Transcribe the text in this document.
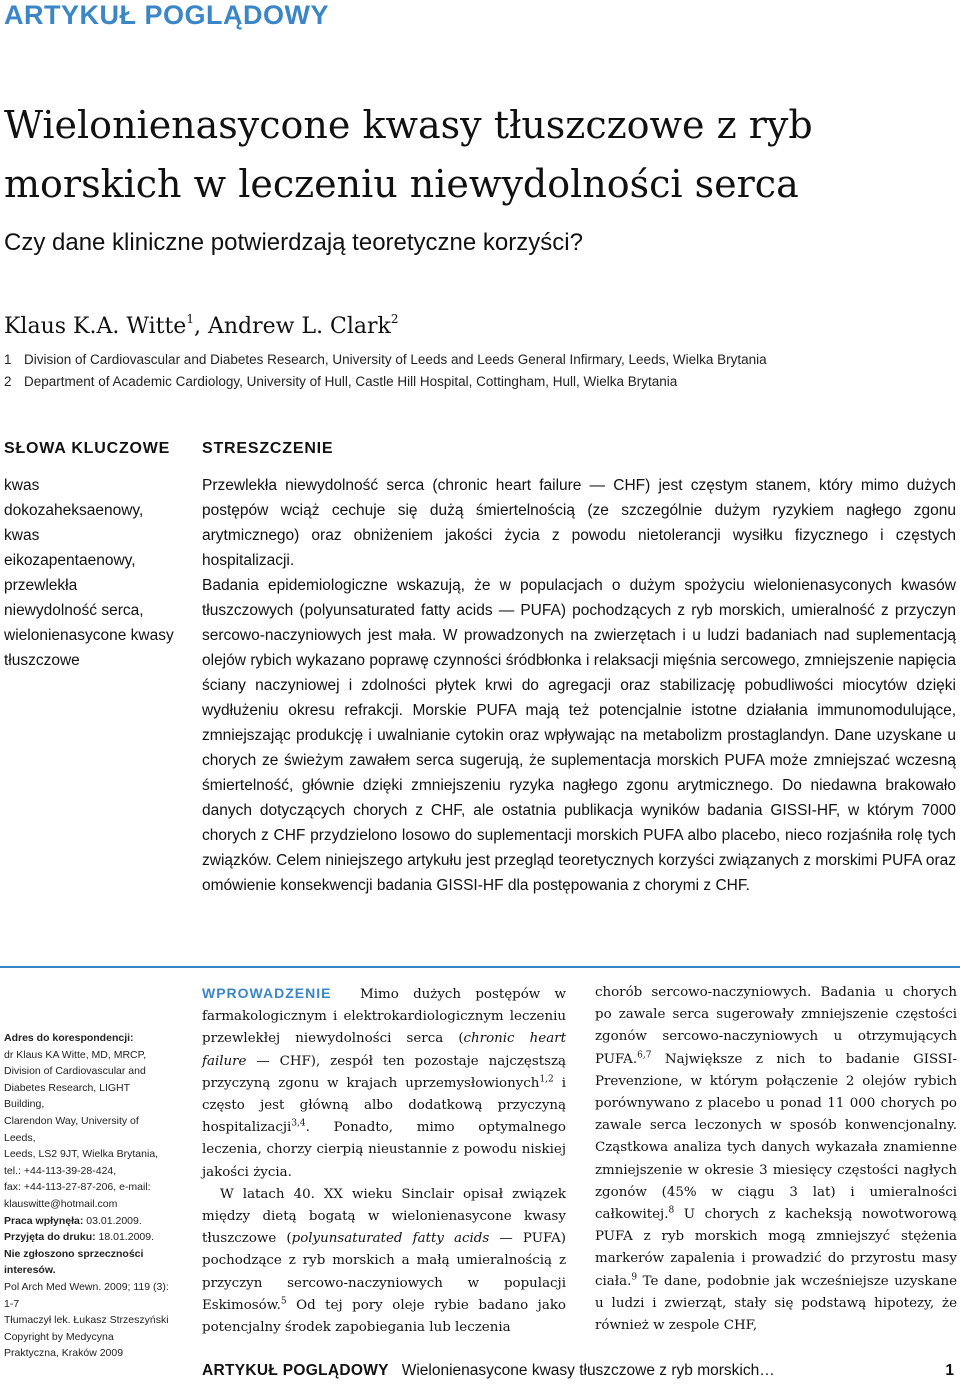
ARTYKUŁ POGLĄDOWY
Wielonienasycone kwasy tłuszczowe z ryb morskich w leczeniu niewydolności serca
Czy dane kliniczne potwierdzają teoretyczne korzyści?
Klaus K.A. Witte$^1$, Andrew L. Clark$^2$
1 Division of Cardiovascular and Diabetes Research, University of Leeds and Leeds General Infirmary, Leeds, Wielka Brytania
2 Department of Academic Cardiology, University of Hull, Castle Hill Hospital, Cottingham, Hull, Wielka Brytania
SŁOWA KLUCZOWE
kwas dokozaheksaenowy, kwas eikozapentaenowy, przewlekła niewydolność serca, wielonienasycone kwasy tłuszczowe
STRESZCZENIE

Przewlekła niewydolność serca (chronic heart failure — CHF) jest częstym stanem, który mimo dużych postępów wciąż cechuje się dużą śmiertelnością (ze szczególnie dużym ryzykiem nagłego zgonu arytmicznego) oraz obniżeniem jakości życia z powodu nietolerancji wysiłku fizycznego i częstych hospitalizacji.

Badania epidemiologiczne wskazują, że w populacjach o dużym spożyciu wielonienasyconych kwasów tłuszczowych (polyunsaturated fatty acids — PUFA) pochodzących z ryb morskich, umieralność z przyczyn sercowo-naczyniowych jest mała. W prowadzonych na zwierzętach i u ludzi badaniach nad suplementacją olejów rybich wykazano poprawę czynności śródbłonka i relaksacji mięśnia sercowego, zmniejszenie napięcia ściany naczyniowej i zdolności płytek krwi do agregacji oraz stabilizację pobudliwości miocytów dzięki wydłużeniu okresu refrakcji. Morskie PUFA mają też potencjalnie istotne działania immunomodulujące, zmniejszając produkcję i uwalnianie cytokin oraz wpływając na metabolizm prostaglandyn. Dane uzyskane u chorych ze świeżym zawałem serca sugerują, że suplementacja morskich PUFA może zmniejszać wczesną śmiertelność, głównie dzięki zmniejszeniu ryzyka nagłego zgonu arytmicznego. Do niedawna brakowało danych dotyczących chorych z CHF, ale ostatnia publikacja wyników badania GISSI-HF, w którym 7000 chorych z CHF przydzielono losowo do suplementacji morskich PUFA albo placebo, nieco rozjaśniła rolę tych związków. Celem niniejszego artykułu jest przegląd teoretycznych korzyści związanych z morskimi PUFA oraz omówienie konsekwencji badania GISSI-HF dla postępowania z chorymi z CHF.

Adres do korespondencji:
dr Klaus KA Witte, MD, MRCP,
Division of Cardiovascular and
Diabetes Research, LIGHT Building,
Clarendon Way, University of Leeds,
Leeds, LS2 9JT, Wielka Brytania,
tel.: +44-113-39-28-424,
fax: +44-113-27-87-206, e-mail:
klauswitte@hotmail.com
Praca wpłynęła: 03.01.2009.
Przyjęta do druku: 18.01.2009.
Nie zgłoszono sprzeczności interesów.
Pol Arch Med Wewn. 2009; 119 (3): 1-7
Tłumaczył lek. Łukasz Strzeszyński
Copyright by Medycyna Praktyczna, Kraków 2009

WPROWADZENIE Mimo dużych postępów w farmakologicznym i elektrokardiologicznym leczeniu przewlekłej niewydolności serca (chronic heart failure — CHF), zespół ten pozostaje najczęstszą przyczyną zgonu w krajach uprzemysłowionych$^{1,2}$ i często jest główną albo dodatkową przyczyną hospitalizacji$^{3,4}$. Ponadto, mimo optymalnego leczenia, chorzy cierpią nieustannie z powodu niskiej jakości życia.

W latach 40. XX wieku Sinclair opisał związek między dietą bogatą w wielonienasycone kwasy tłuszczowe (polyunsaturated fatty acids — PUFA) pochodzące z ryb morskich a małą umieralnością z przyczyn sercowo-naczyniowych w populacji Eskimosów.$^5$ Od tej pory oleje rybie badano jako potencjalny środek zapobiegania lub leczenia

chorób sercowo-naczyniowych. Badania u chorych po zawale serca sugerowały zmniejszenie częstości zgonów sercowo-naczyniowych u otrzymujących PUFA.$^{6,7}$ Największe z nich to badanie GISSI-Prevenzione, w którym połączenie 2 olejów rybich porównywano z placebo u ponad 11 000 chorych po zawale serca leczonych w sposób konwencjonalny. Cząstkowa analiza tych danych wykazała znamienne zmniejszenie w okresie 3 miesięcy częstości nagłych zgonów (45% w ciągu 3 lat) i umieralności całkowitej.$^8$ U chorych z kacheksją nowotworową PUFA z ryb morskich mogą zmniejszyć stężenia markerów zapalenia i prowadzić do przyrostu masy ciała.$^9$ Te dane, podobnie jak wcześniejsze uzyskane u ludzi i zwierząt, stały się podstawą hipotezy, że również w zespole CHF,

ARTYKUŁ POGLĄDOWY Wielonienasycone kwasy tłuszczowe z ryb morskich…	1
